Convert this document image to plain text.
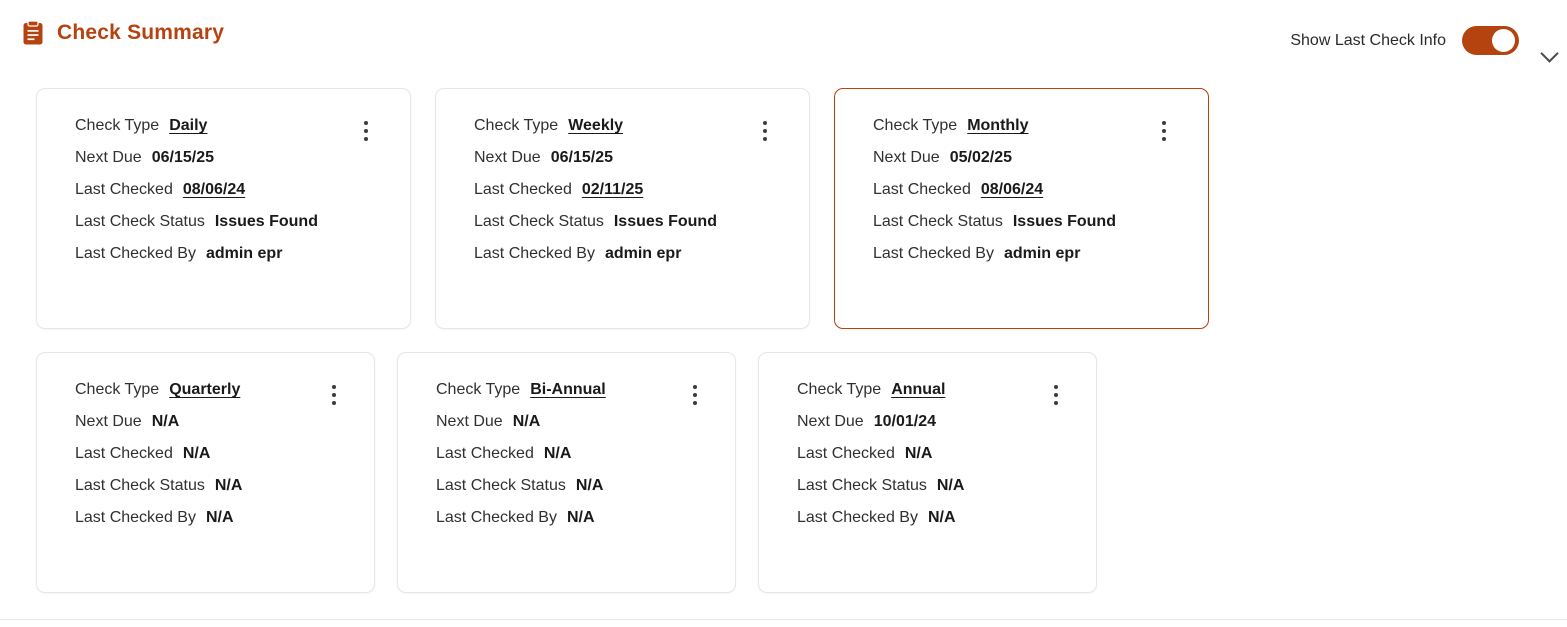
Check Summary	Show Last Check Info
Check Type Daily
Next Due 06/15/25
Last Checked 08/06/24
Last Check Status Issues Found
Last Checked By admin epr
Check Type Weekly
Next Due 06/15/25
Last Checked 02/11/25
Last Check Status Issues Found
Last Checked By admin epr
Check Type Monthly
Next Due 05/02/25
Last Checked 08/06/24
Last Check Status Issues Found
Last Checked By admin epr
Check Type Quarterly
Next Due N/A
Last Checked N/A
Last Check Status N/A
Last Checked By N/A
Check Type Bi-Annual
Next Due N/A
Last Checked N/A
Last Check Status N/A
Last Checked By N/A
Check Type Annual
Next Due 10/01/24
Last Checked N/A
Last Check Status N/A
Last Checked By N/A
